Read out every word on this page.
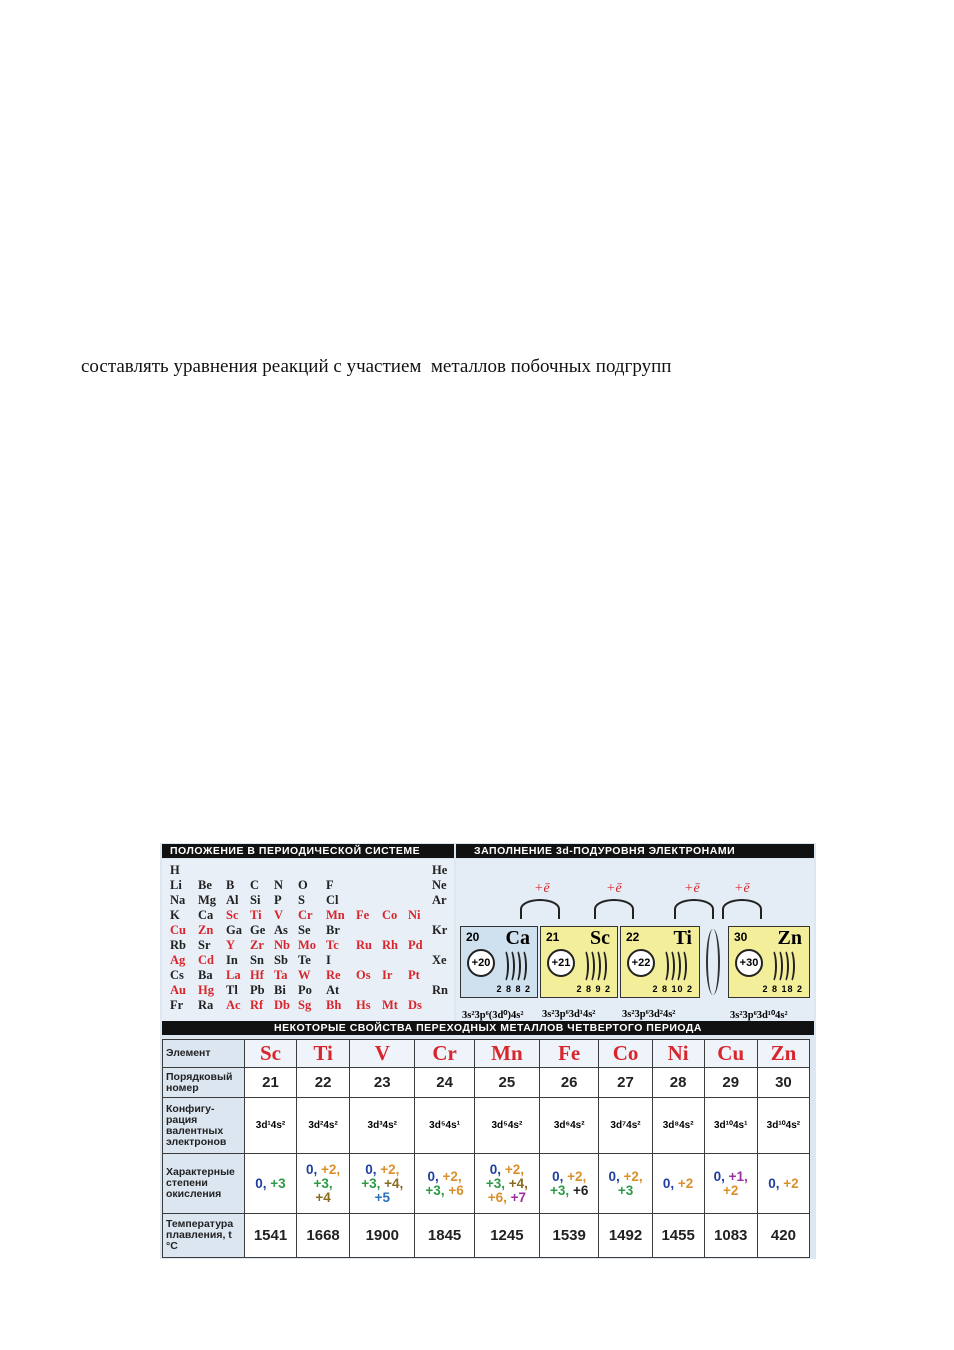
составлять уравнения реакций с участием  металлов побочных подгрупп
ПОЛОЖЕНИЕ В ПЕРИОДИЧЕСКОЙ СИСТЕМЕ	ЗАПОЛНЕНИЕ 3d-ПОДУРОВНЯ ЭЛЕКТРОНАМИ
H	He
Li Be B C N O F	Ne
Na Mg Al Si P S Cl	Ar
K Ca Sc Ti V Cr Mn Fe Co Ni
Cu Zn Ga Ge As Se Br	Kr
Rb Sr Y Zr Nb Mo Tc Ru Rh Pd
Ag Cd In Sn Sb Te I	Xe
Cs Ba La Hf Ta W Re Os Ir Pt
Au Hg Tl Pb Bi Po At	Rn
Fr Ra Ac Rf Db Sg Bh Hs Mt Ds
20 Ca
+20
2 8 8 2
3s²3p⁶(3d⁰)4s²
21 Sc
+21
2 8 9 2
3s²3p⁶3d¹4s²
22 Ti
+22
2 8 10 2
3s²3p⁶3d²4s²
30 Zn
+30
2 8 18 2
3s²3p⁶3d¹⁰4s²
+ē	+ē	+ē +ē
НЕКОТОРЫЕ СВОЙСТВА ПЕРЕХОДНЫХ МЕТАЛЛОВ ЧЕТВЕРТОГО ПЕРИОДА
Элемент	Sc	Ti	V	Cr	Mn	Fe	Co	Ni	Cu	Zn
Порядковый номер	21	22	23	24	25	26	27	28	29	30
Конфигу- рация валентных электронов	3d¹4s²	3d²4s²	3d³4s²	3d⁵4s¹	3d⁵4s²	3d⁶4s²	3d⁷4s²	3d⁸4s²	3d¹⁰4s¹	3d¹⁰4s²
Характерные степени окисления	0, +3	0, +2,
+3,
+4	0, +2,
+3, +4,
+5	0, +2,
+3, +6	0, +2,
+3, +4,
+6, +7	0, +2,
+3, +6	0, +2,
+3	0, +2	0, +1,
+2	0, +2
Температура плавления, t °C	1541	1668	1900	1845	1245	1539	1492	1455	1083	420
